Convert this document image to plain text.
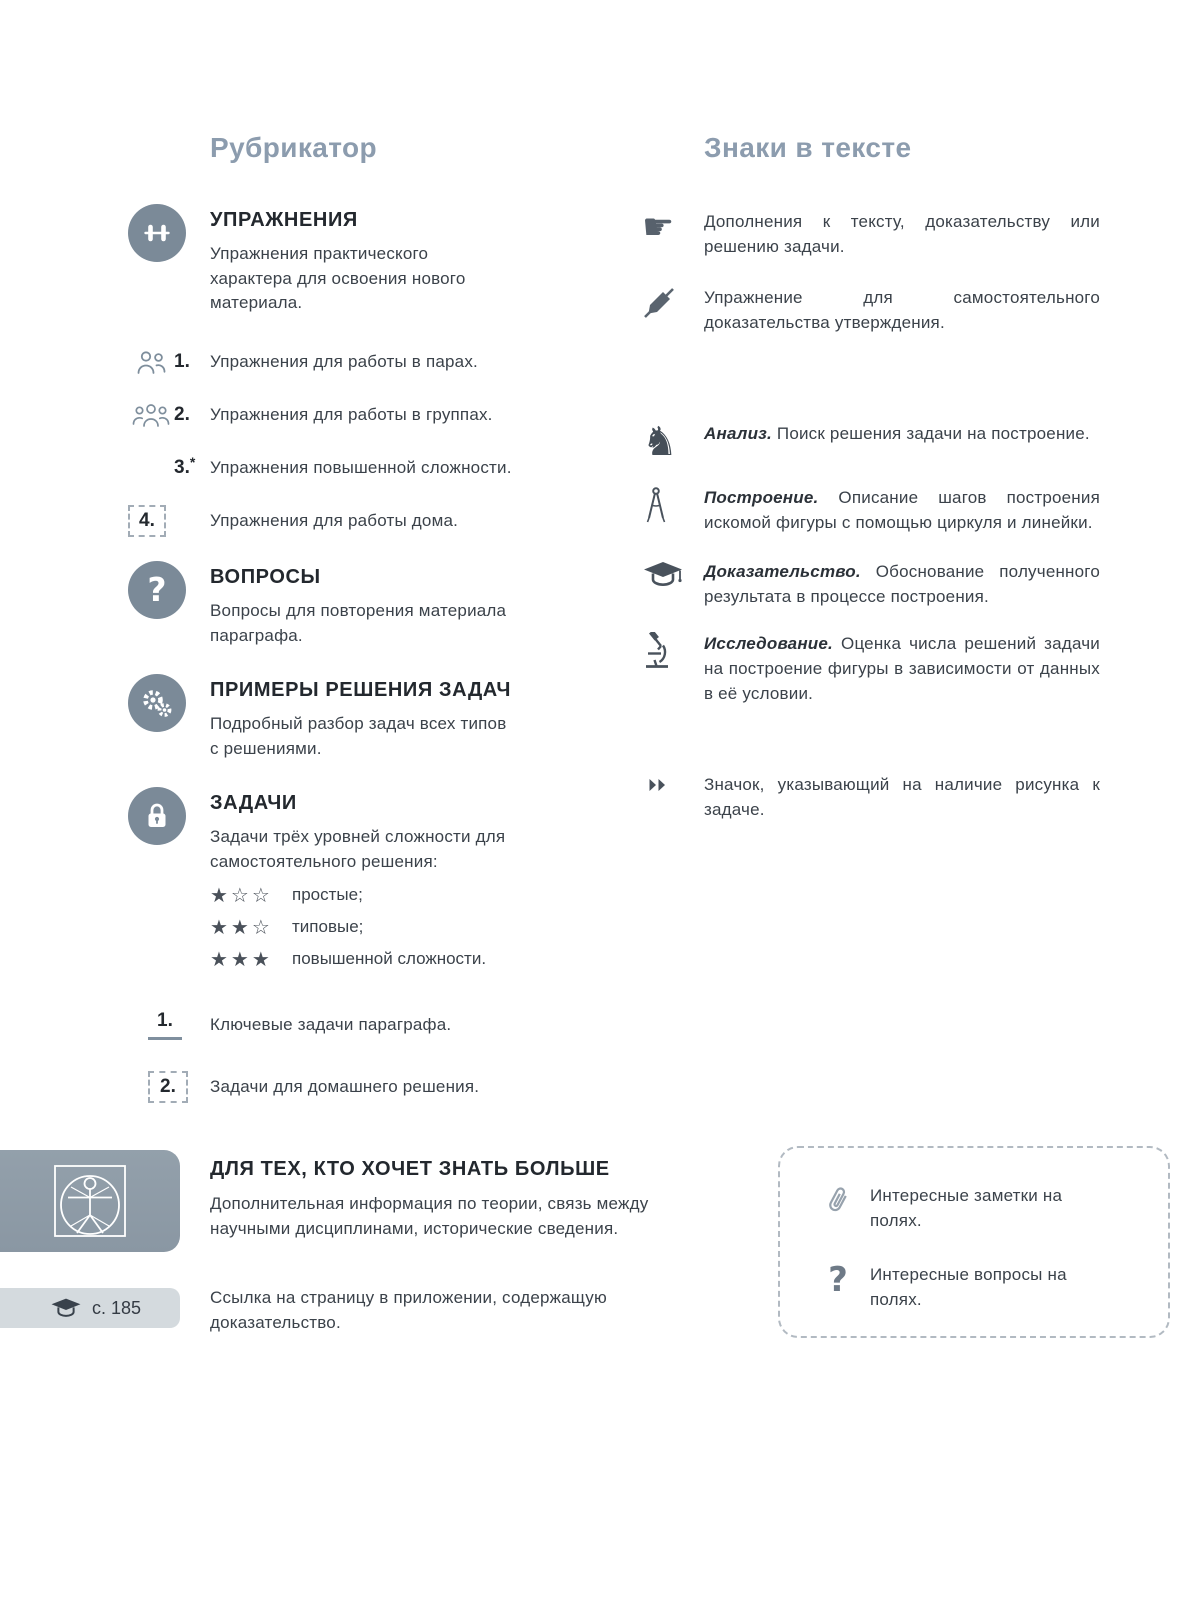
Рубрикатор
УПРАЖНЕНИЯ
Упражнения практического характера для освоения нового материала.
1. Упражнения для работы в парах.
2. Упражнения для работы в группах.
3.* Упражнения повышенной сложности.
4.	Упражнения для работы дома.
? ВОПРОСЫ
Вопросы для повторения материала параграфа.
ПРИМЕРЫ РЕШЕНИЯ ЗАДАЧ
Подробный разбор задач всех типов с решениями.
ЗАДАЧИ
Задачи трёх уровней сложности для самостоятельного решения:
★☆☆	простые;
★★☆	типовые;
★★★	повышенной сложности.
1.	Ключевые задачи параграфа.
2.	Задачи для домашнего решения.
Знаки в тексте
☛	Дополнения к тексту, доказательству или решению задачи.

Упражнение для самостоятельного доказательства утверждения.

♞	Анализ. Поиск решения задачи на построение.

Построение. Описание шагов построения искомой фигуры с помощью циркуля и линейки.

Доказательство. Обоснование полученного результата в процессе построения.

Исследование. Оценка числа решений задачи на построение фигуры в зависимости от данных в её условии.

Значок, указывающий на наличие рисунка к задаче.

ДЛЯ ТЕХ, КТО ХОЧЕТ ЗНАТЬ БОЛЬШЕ
Дополнительная информация по теории, связь между научными дисциплинами, исторические сведения.
с. 185	Ссылка на страницу в приложении, содержащую доказательство.
Интересные заметки на полях.
? Интересные вопросы на полях.
